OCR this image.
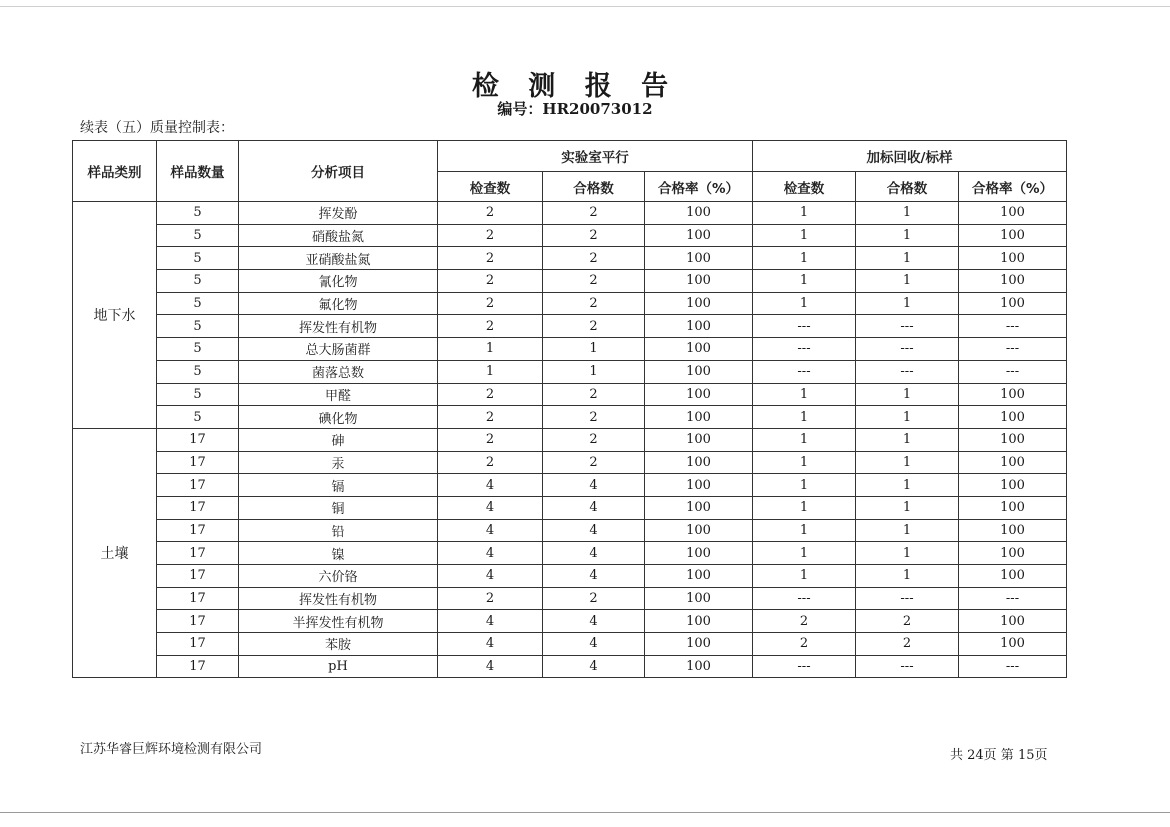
检 测 报 告
编号：HR20073012
续表（五）质量控制表：
样品类别	样品数量	分析项目	实验室平行			加标回收/标样		
			检查数	合格数	合格率（%）	检查数	合格数	合格率（%）
地下水	5	挥发酚	2	2	100	1	1	100
	5	硝酸盐氮	2	2	100	1	1	100
	5	亚硝酸盐氮	2	2	100	1	1	100
	5	氰化物	2	2	100	1	1	100
	5	氟化物	2	2	100	1	1	100
	5	挥发性有机物	2	2	100	---	---	---
	5	总大肠菌群	1	1	100	---	---	---
	5	菌落总数	1	1	100	---	---	---
	5	甲醛	2	2	100	1	1	100
	5	碘化物	2	2	100	1	1	100
土壤	17	砷	2	2	100	1	1	100
	17	汞	2	2	100	1	1	100
	17	镉	4	4	100	1	1	100
	17	铜	4	4	100	1	1	100
	17	铅	4	4	100	1	1	100
	17	镍	4	4	100	1	1	100
	17	六价铬	4	4	100	1	1	100
	17	挥发性有机物	2	2	100	---	---	---
	17	半挥发性有机物	4	4	100	2	2	100
	17	苯胺	4	4	100	2	2	100
	17	pH	4	4	100	---	---	---
江苏华睿巨辉环境检测有限公司	共 24页 第 15页
